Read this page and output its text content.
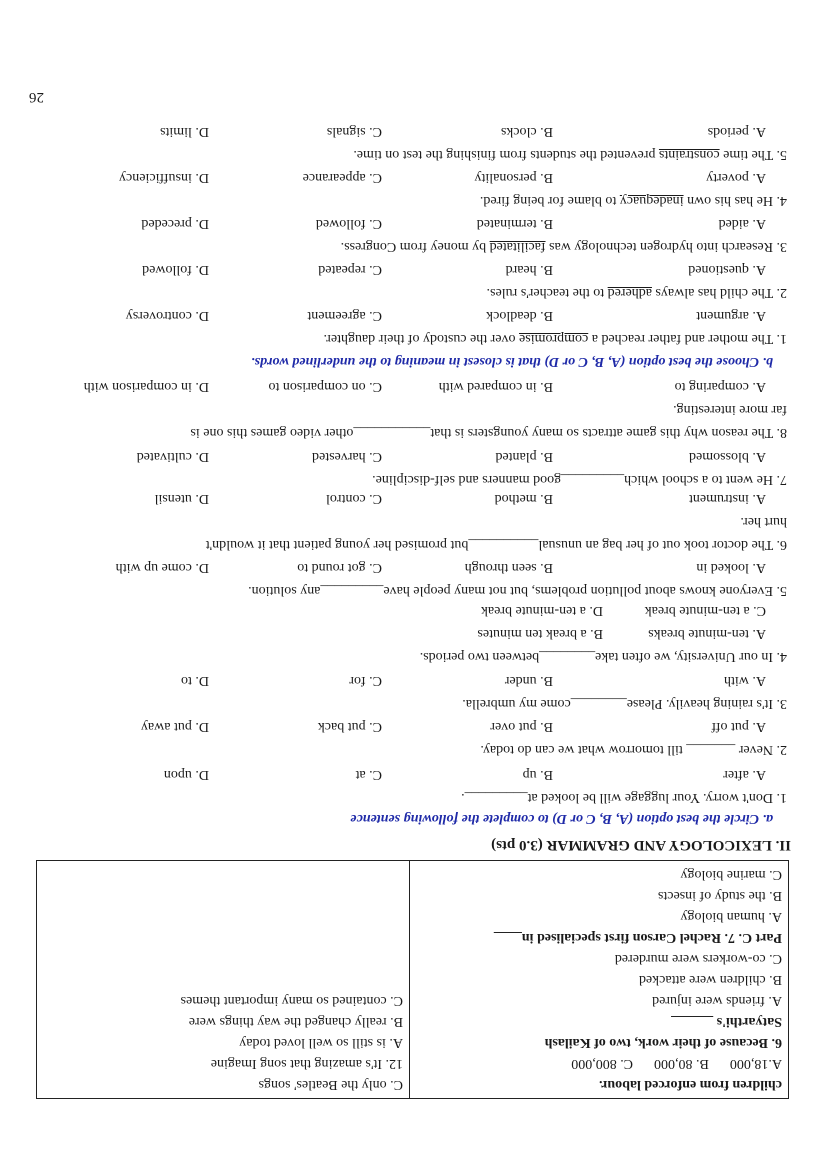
children from enforced labour.
A.18,000      B. 80,000      C. 800,000
6. Because of their work, two of Kailash
Satyarthi's ______
A. friends were injured
B. children were attacked
C. co-workers were murdered
Part C. 7. Rachel Carson first specialised in____
A. human biology
B. the study of insects
C. marine biology

C. only the Beatles' songs
12. It's amazing that song Imagine
A. is still so well loved today
B. really changed the way things were
C. contained so many important themes
II. LEXICOLOGY AND GRAMMAR (3.0 pts)
a. Circle the best option (A, B, C or D) to complete the following sentence
1. Don't worry. Your luggage will be looked at_________.
A. after
B. up
C. at
D. upon
2. Never _______ till tomorrow what we can do today.
A. put off
B. put over
C. put back
D. put away
3. It's raining heavily. Please________come my umbrella.
A. with
B. under
C. for
D. to
4. In our University, we often take________between two periods.
A. ten-minute breaks
B. a break ten minutes
C. a ten-minute break
D. a ten-minute break
5. Everyone knows about pollution problems, but not many people have_________any solution.
A. looked in
B. seen through
C. got round to
D. come up with
6. The doctor took out of her bag an unusual__________but promised her young patient that it wouldn't
hurt her.
A. instrument
B. method
C. control
D. utensil
7. He went to a school which_________good manners and self-discipline.
A. blossomed
B. planted
C. harvested
D. cultivated
8. The reason why this game attracts so many youngsters is that___________other video games this one is
far more interesting.
A. comparing to
B. in compared with
C. on comparison to
D. in comparison with
b. Choose the best option (A, B, C or D) that is closest in meaning to the underlined words.
1. The mother and father reached a compromise over the custody of their daughter.
A. argument
B. deadlock
C. agreement
D. controversy
2. The child has always adhered to the teacher's rules.
A. questioned
B. heard
C. repeated
D. followed
3. Research into hydrogen technology was facilitated by money from Congress.
A. aided
B. terminated
C. followed
D. preceded
4. He has his own inadequacy to blame for being fired.
A. poverty
B. personality
C. appearance
D. insufficiency
5. The time constraints prevented the students from finishing the test on time.
A. periods
B. clocks
C. signals
D. limits
26
